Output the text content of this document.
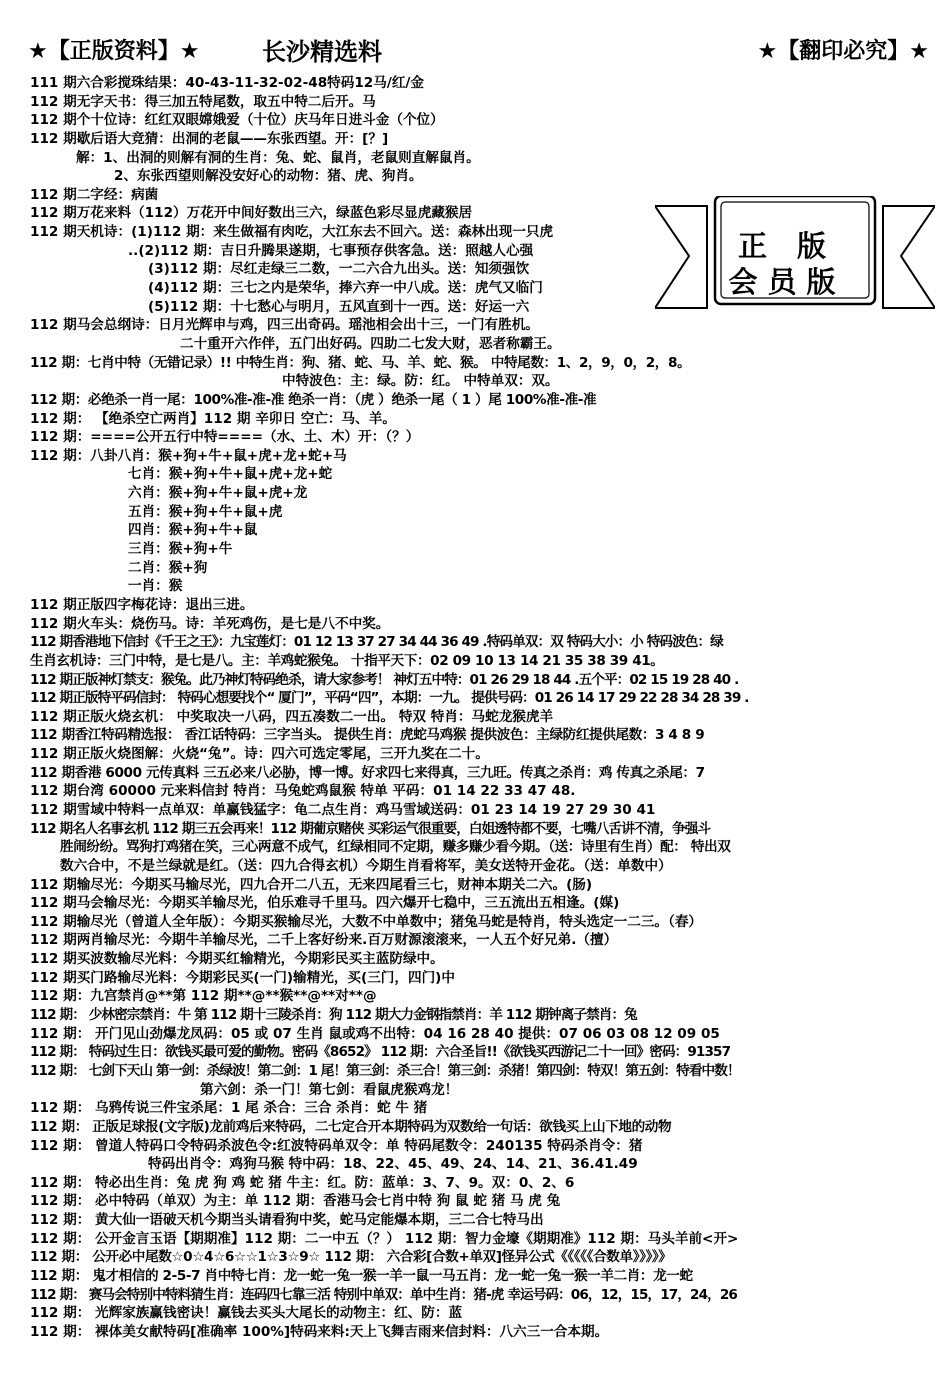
★【正版资料】★	长沙精选料	★【翻印必究】★
正 版
会员版
111 期六合彩搅珠结果：40-43-11-32-02-48特码12马/红/金
112 期无字天书：得三加五特尾数，取五中特二后开。马
112 期个十位诗：红红双眼嫦娥爱（十位）庆马年日进斗金（个位）
112 期歇后语大竞猜：出洞的老鼠——东张西望。开：[？]
解：1、出洞的则解有洞的生肖：兔、蛇、鼠肖，老鼠则直解鼠肖。
2、东张西望则解没安好心的动物：猪、虎、狗肖。
112 期二字经：病菌
112 期万花来料（112）万花开中间好数出三六，绿蓝色彩尽显虎藏猴居
112 期天机诗：(1)112 期：来生做福有肉吃，大江东去不回六。送：森林出现一只虎
..(2)112 期：吉日升腾果遂期，七事预存供客急。送：照越人心强
(3)112 期：尽红走绿三二数，一二六合九出头。送：知须强饮
(4)112 期：三七之内是荣华，捧六弃一中八成。送：虎气又临门
(5)112 期：十七愁心与明月，五风直到十一西。送：好运一六
112 期马会总纲诗：日月光辉申与鸡，四三出奇码。瑶池相会出十三，一门有胜机。
二十重开六作伴，五门出好码。四助二七发大财，恶者称霸王。
112 期：七肖中特（无错记录）!! 中特生肖：狗、猪、蛇、马、羊、蛇、猴。 中特尾数：1、2，9，0，2，8。
中特波色：主：绿。防：红。 中特单双：双。
112 期：必绝杀一肖一尾：100%准-准-准 绝杀一肖：（虎 ）绝杀一尾（ 1 ）尾 100%准-准-准
112 期： 【绝杀空亡两肖】112 期 辛卯日 空亡：马、羊。
112 期：====公开五行中特====（水、土、木）开：（？）
112 期：八卦八肖：猴+狗+牛+鼠+虎+龙+蛇+马
七肖：猴+狗+牛+鼠+虎+龙+蛇
六肖：猴+狗+牛+鼠+虎+龙
五肖：猴+狗+牛+鼠+虎
四肖：猴+狗+牛+鼠
三肖：猴+狗+牛
二肖：猴+狗
一肖：猴
112 期正版四字梅花诗：退出三进。
112 期火车头：烧伤马。诗：羊死鸡伤，是七是八不中奖。
112 期香港地下信封《千王之王》：九宝莲灯：01 12 13 37 27 34 44 36 49 .特码单双：双 特码大小：小 特码波色：绿
生肖玄机诗：三门中特，是七是八。主：羊鸡蛇猴兔。 十指平天下：02 09 10 13 14 21 35 38 39 41。
112 期正版神灯禁支：猴兔。此乃神灯特码绝杀，请大家参考！ 神灯五中特：01 26 29 18 44 .五个平：02 15 19 28 40 .
112 期正版特平码信封： 特码心想要找个“ 厦门”，平码“四”，本期：一九。 提供号码：01 26 14 17 29 22 28 34 28 39 .
112 期正版火烧玄机： 中奖取决一八码，四五凑数二一出。 特双 特肖：马蛇龙猴虎羊
112 期香江特码精选报： 香江话特码：三字当头。 提供生肖：虎蛇马鸡猴 提供波色：主绿防红提供尾数：3 4 8 9
112 期正版火烧图解：火烧“兔”。诗：四六可选定零尾，三开九奖在二十。
112 期香港 6000 元传真料 三五必来八必胁，博一博。好求四七来得真，三九旺。传真之杀肖：鸡 传真之杀尾：7
112 期台湾 60000 元来料信封 特肖：马兔蛇鸡鼠猴 特单 平码：01 14 22 33 47 48.
112 期雪域中特料一点单双：单赢钱猛字：龟二点生肖：鸡马雪域送码：01 23 14 19 27 29 30 41
112 期名人名事玄机 112 期三五会再来！112 期葡京赌侠 买彩运气很重要，白姐透特都不要，七嘴八舌讲不清，争强斗
胜闹纷纷。骂狗打鸡猪在笑，三心两意不成气，红绿相同不定期，赚多赚少看今期。（送：诗里有生肖）配： 特出双
数六合中，不是兰绿就是红。（送：四九合得玄机）今期生肖看将军，美女送特开金花。（送：单数中）
112 期输尽光：今期买马输尽光，四九合开二八五，无来四尾看三七，财神本期关二六。(肠)
112 期马会输尽光：今期买羊输尽光，伯乐难寻千里马。四六爆开七稳中，三五流出五相逢。(媒)
112 期输尽光（曾道人全年版）：今期买猴输尽光，大数不中单数中；猪兔马蛇是特肖，特头选定一二三。（春）
112 期两肖输尽光：今期牛羊输尽光，二千上客好纷来.百万财源滚滚来，一人五个好兄弟.（擅）
112 期买波数输尽光料：今期买红输精光，今期彩民买主蓝防绿中。
112 期买门路输尽光料：今期彩民买(一门)输精光，买(三门，四门)中
112 期：九宫禁肖@**第 112 期**@**猴**@**对**@
112 期： 少林密宗禁肖：牛 第 112 期十三陵杀肖：狗 112 期大力金钢指禁肖：羊 112 期钟离子禁肖：兔
112 期： 开门见山劲爆龙凤码：05 或 07 生肖 鼠或鸡不出特：04 16 28 40 提供：07 06 03 08 12 09 05
112 期： 特码过生日：欲钱买最可爱的勤物。密码《8652》 112 期：六合圣旨!!《欲钱买西游记二十一回》密码：91357
112 期： 七剑下天山 第一剑：杀绿波！第二剑：1 尾！第三剑：杀三合！第三剑：杀猪！第四剑：特双！第五剑：特看中数！
第六剑：杀一门！第七剑：看鼠虎猴鸡龙！
112 期： 乌鸦传说三件宝杀尾：1 尾 杀合：三合 杀肖：蛇 牛 猪
112 期： 正版足球报(文字版)龙前鸡后来特码，二七定合开本期特码为双数给一句话：欲钱买上山下地的动物
112 期： 曾道人特码口令特码杀波色令:红波特码单双令：单 特码尾数令：240135 特码杀肖令：猪
特码出肖令：鸡狗马猴 特中码：18、22、45、49、24、14、21、36.41.49
112 期： 特必出生肖：兔 虎 狗 鸡 蛇 猪 牛主：红。防：蓝单：3、7、9。双：0、2、6
112 期： 必中特码（单双）为主：单 112 期：香港马会七肖中特 狗 鼠 蛇 猪 马 虎 兔
112 期： 黄大仙一语破天机今期当头请看狗中奖，蛇马定能爆本期，三二合七特马出
112 期： 公开金言玉语【期期准】112 期：二一中五（？） 112 期：智力金壕《期期准》112 期：马头羊前<开>
112 期： 公开必中尾数☆0☆4☆6☆☆1☆3☆9☆ 112 期： 六合彩[合数+单双]怪异公式《《《《《合数单》》》》》
112 期： 鬼才相信的 2-5-7 肖中特七肖：龙一蛇一兔一猴一羊一鼠一马五肖：龙一蛇一兔一猴一羊二肖：龙一蛇
112 期： 赛马会特别中特料猜生肖：连码四七靠三活 特别中单双：单中生肖：猪-虎 幸运号码：06，12，15，17，24，26
112 期： 光辉家族赢钱密诀！赢钱去买头大尾长的动物主：红、防：蓝
112 期： 裸体美女献特码[准确率 100%]特码来料:天上飞舞吉雨来信封料：八六三一合本期。
